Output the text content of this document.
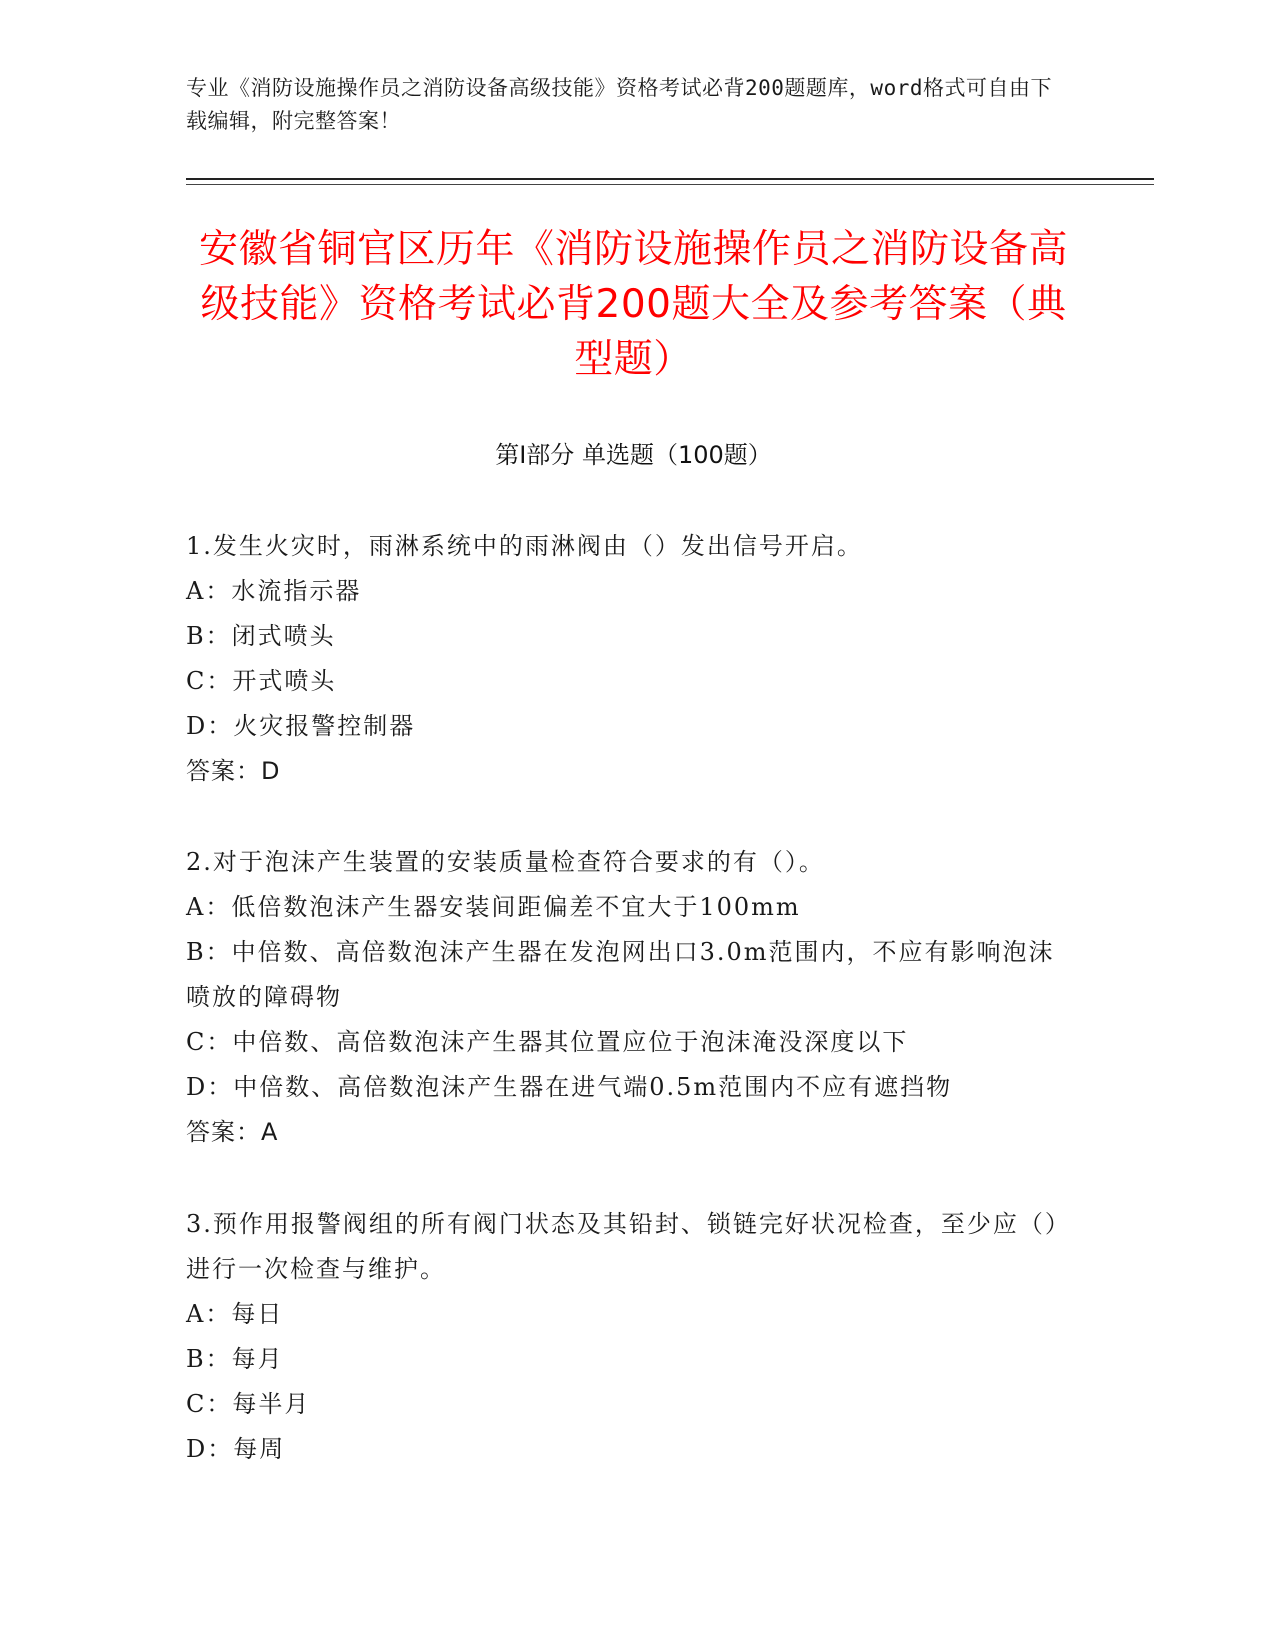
专业《消防设施操作员之消防设备高级技能》资格考试必背200题题库，word格式可自由下载编辑，附完整答案！
安徽省铜官区历年《消防设施操作员之消防设备高级技能》资格考试必背200题大全及参考答案（典型题）
第Ⅰ部分 单选题（100题）
1.发生火灾时，雨淋系统中的雨淋阀由（）发出信号开启。
A：水流指示器
B：闭式喷头
C：开式喷头
D：火灾报警控制器
答案：D
2.对于泡沫产生装置的安装质量检查符合要求的有（）。
A：低倍数泡沫产生器安装间距偏差不宜大于100mm
B：中倍数、高倍数泡沫产生器在发泡网出口3.0m范围内，不应有影响泡沫喷放的障碍物
C：中倍数、高倍数泡沫产生器其位置应位于泡沫淹没深度以下
D：中倍数、高倍数泡沫产生器在进气端0.5m范围内不应有遮挡物
答案：A
3.预作用报警阀组的所有阀门状态及其铅封、锁链完好状况检查，至少应（）进行一次检查与维护。
A：每日
B：每月
C：每半月
D：每周
